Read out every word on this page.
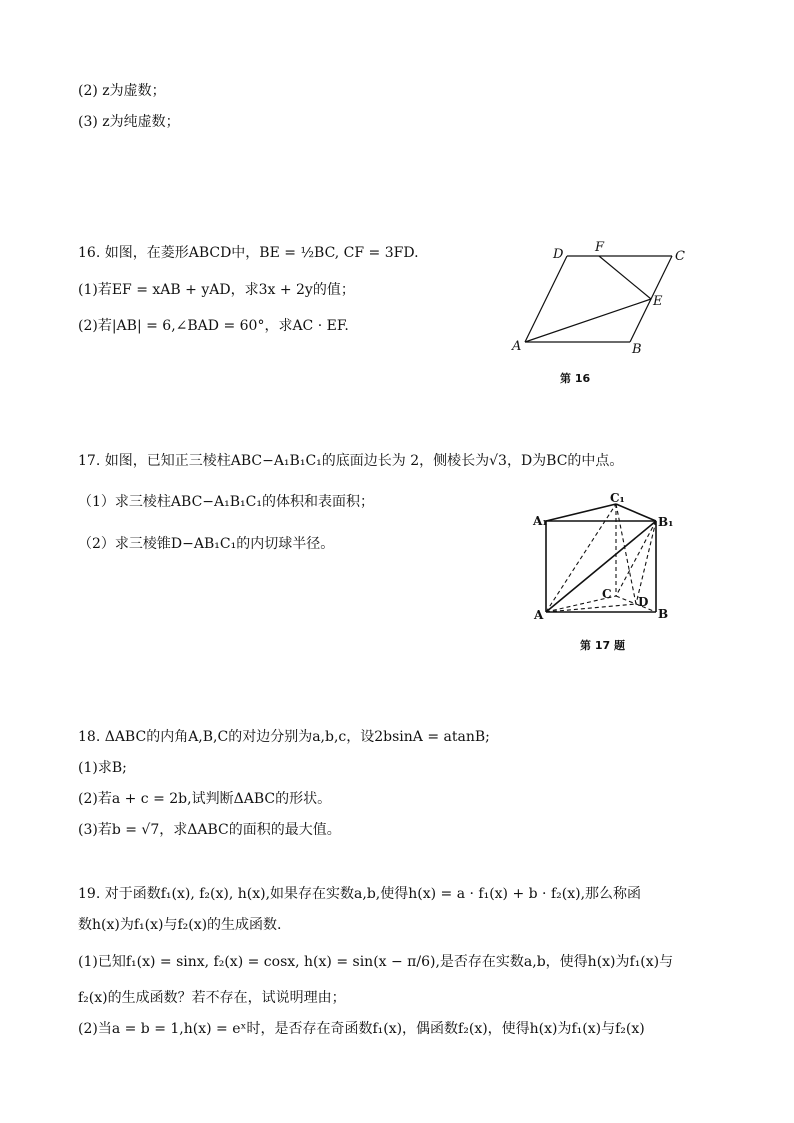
(2) z为虚数；
(3) z为纯虚数；
16. 如图，在菱形ABCD中，BE = ½BC, CF = 3FD.
(1)若EF = xAB + yAD，求3x + 2y的值；
(2)若|AB| = 6,∠BAD = 60°，求AC · EF.
A	B
C
D
E
F
第 16
17. 如图，已知正三棱柱ABC−A₁B₁C₁的底面边长为 2，侧棱长为√3，D为BC的中点。
（1）求三棱柱ABC−A₁B₁C₁的体积和表面积；
（2）求三棱锥D−AB₁C₁的内切球半径。
A	B
C
D
A₁	B₁
C₁
第 17 题
18. ΔABC的内角A,B,C的对边分别为a,b,c，设2bsinA = atanB;
(1)求B;
(2)若a + c = 2b,试判断ΔABC的形状。
(3)若b = √7，求ΔABC的面积的最大值。
19. 对于函数f₁(x), f₂(x), h(x),如果存在实数a,b,使得h(x) = a · f₁(x) + b · f₂(x),那么称函
数h(x)为f₁(x)与f₂(x)的生成函数.
(1)已知f₁(x) = sinx, f₂(x) = cosx, h(x) = sin(x − π/6),是否存在实数a,b，使得h(x)为f₁(x)与
f₂(x)的生成函数？若不存在，试说明理由；
(2)当a = b = 1,h(x) = eˣ时，是否存在奇函数f₁(x)，偶函数f₂(x)，使得h(x)为f₁(x)与f₂(x)
